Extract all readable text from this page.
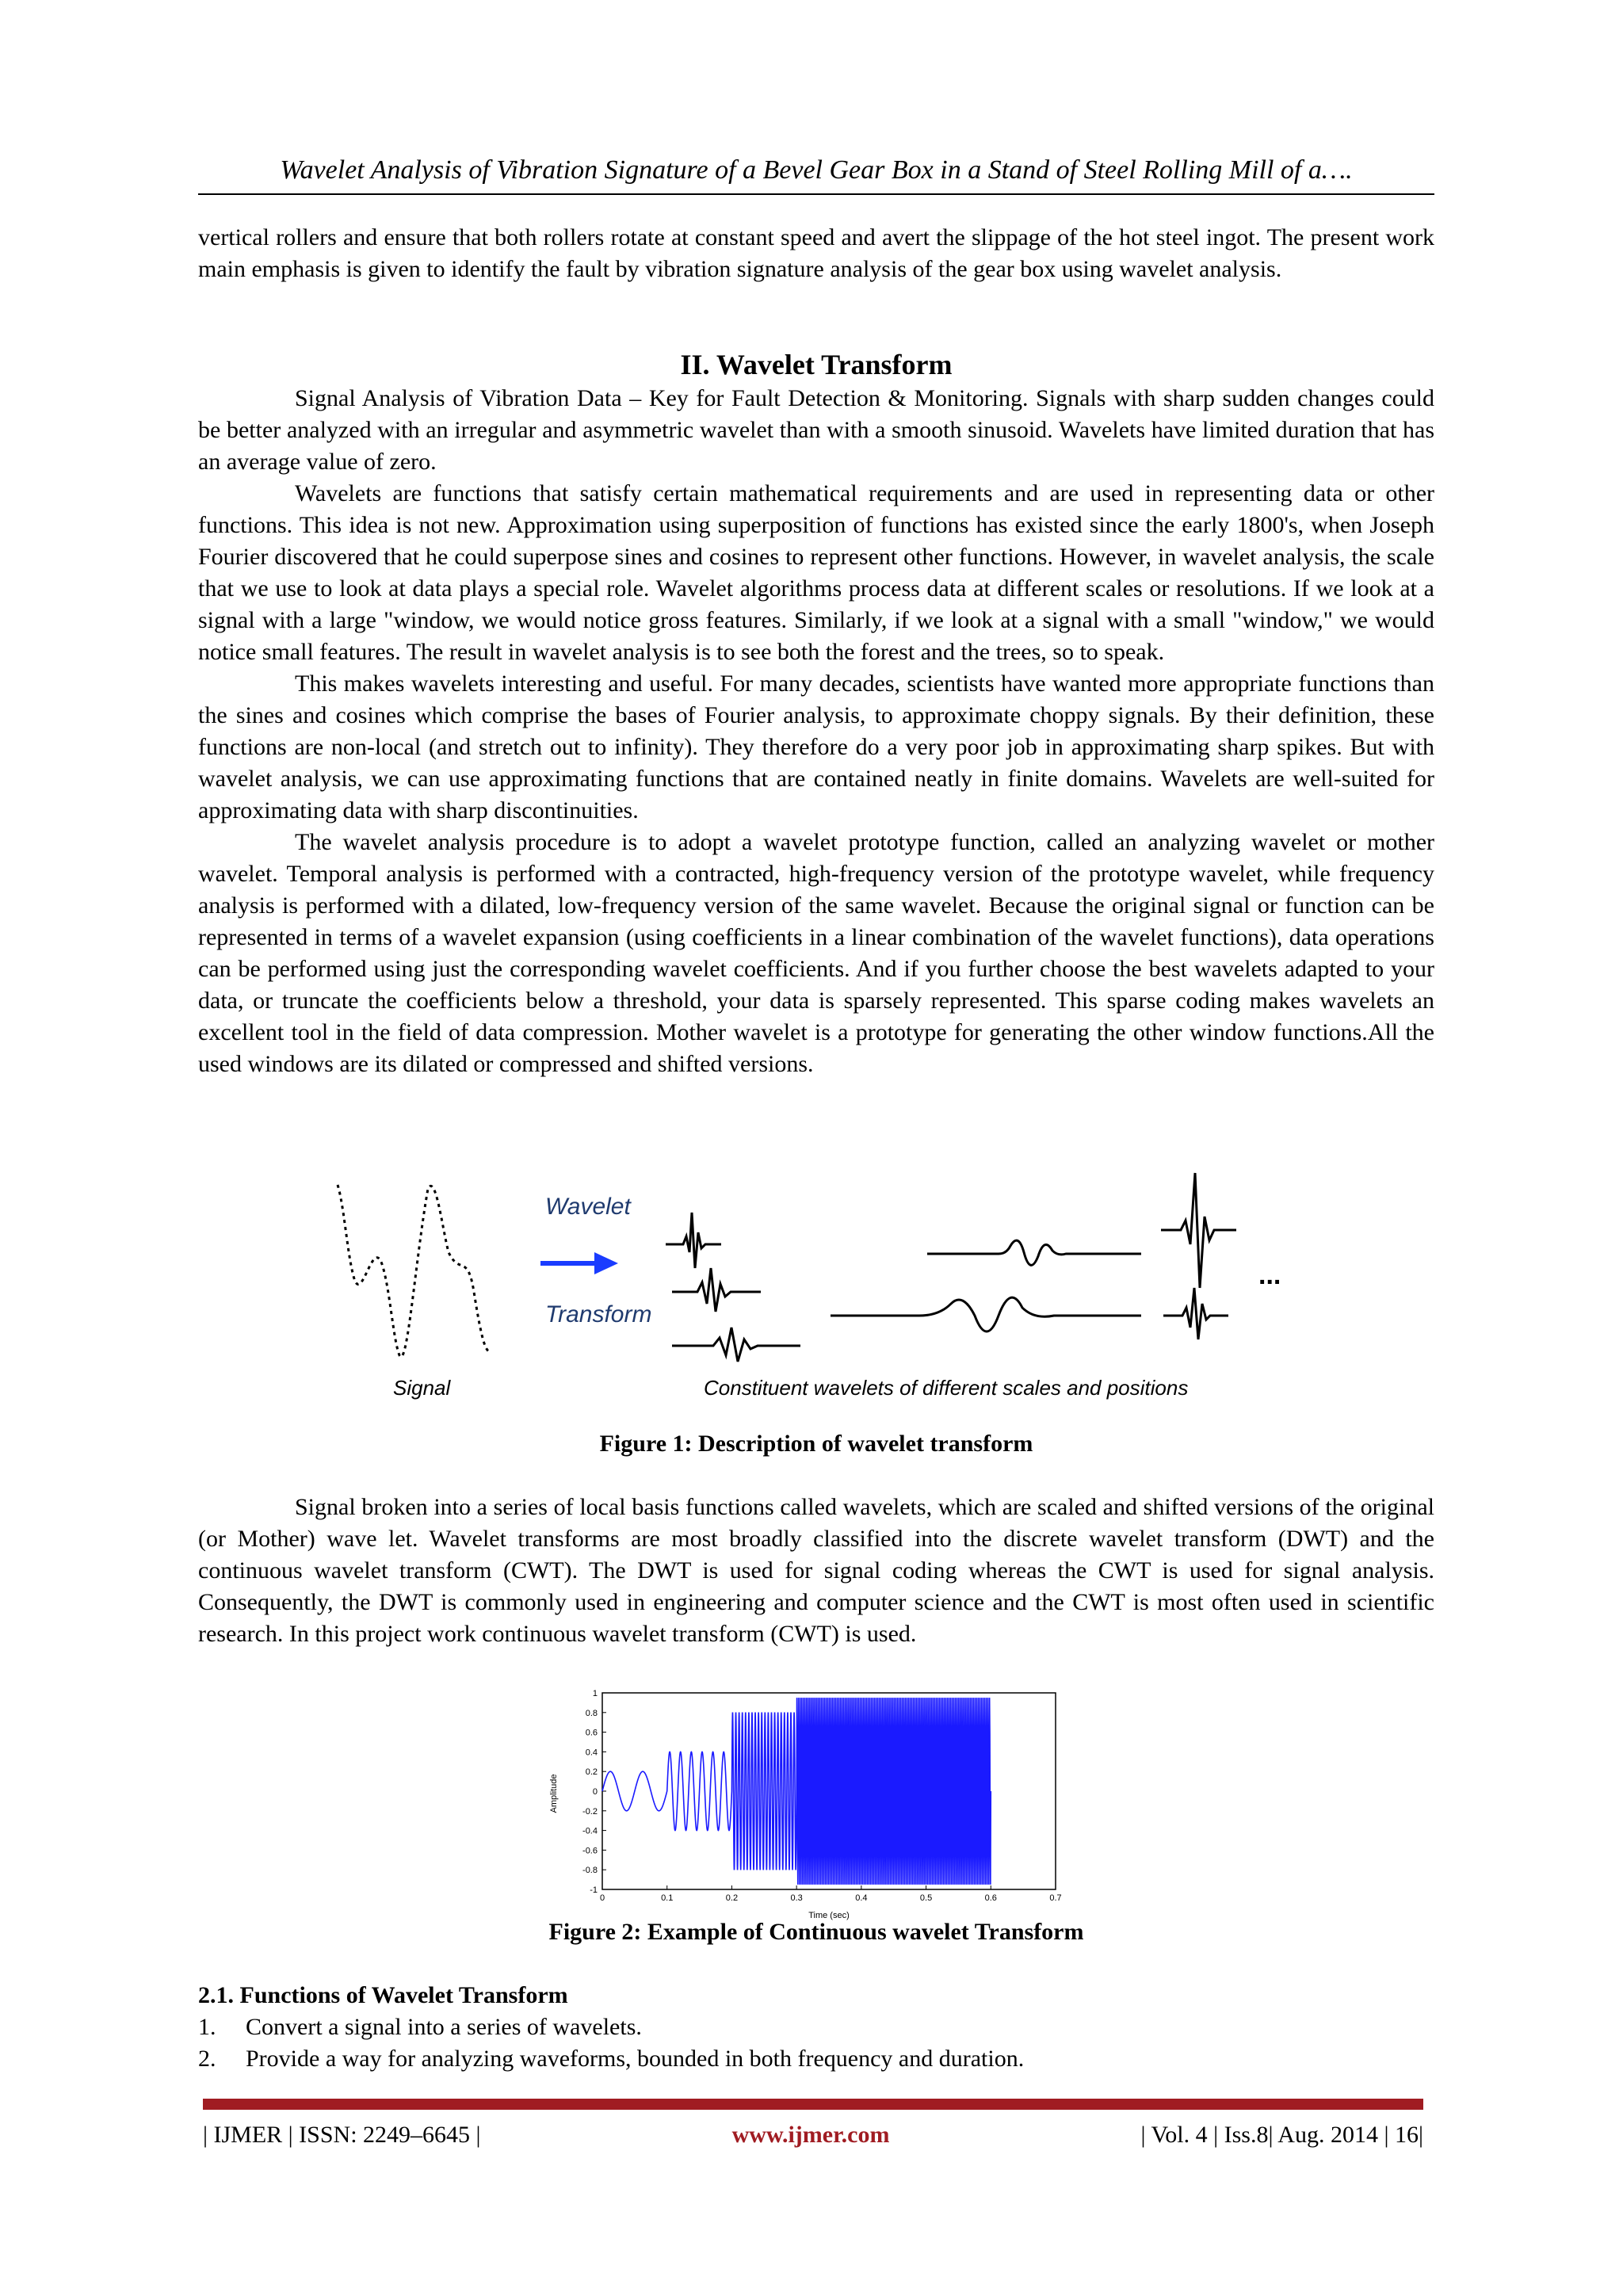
Wavelet Analysis of Vibration Signature of a Bevel Gear Box in a Stand of Steel Rolling Mill of a….

vertical rollers and ensure that both rollers rotate at constant speed and avert the slippage of the hot steel ingot. The present work main emphasis is given to identify the fault by vibration signature analysis of the gear box using wavelet analysis.

II. Wavelet Transform

Signal Analysis of Vibration Data – Key for Fault Detection & Monitoring. Signals with sharp sudden changes could be better analyzed with an irregular and asymmetric wavelet than with a smooth sinusoid. Wavelets have limited duration that has an average value of zero.

Wavelets are functions that satisfy certain mathematical requirements and are used in representing data or other functions. This idea is not new. Approximation using superposition of functions has existed since the early 1800's, when Joseph Fourier discovered that he could superpose sines and cosines to represent other functions. However, in wavelet analysis, the scale that we use to look at data plays a special role. Wavelet algorithms process data at different scales or resolutions. If we look at a signal with a large "window, we would notice gross features. Similarly, if we look at a signal with a small "window," we would notice small features. The result in wavelet analysis is to see both the forest and the trees, so to speak.

This makes wavelets interesting and useful. For many decades, scientists have wanted more appropriate functions than the sines and cosines which comprise the bases of Fourier analysis, to approximate choppy signals. By their definition, these functions are non-local (and stretch out to infinity). They therefore do a very poor job in approximating sharp spikes. But with wavelet analysis, we can use approximating functions that are contained neatly in finite domains. Wavelets are well-suited for approximating data with sharp discontinuities.

The wavelet analysis procedure is to adopt a wavelet prototype function, called an analyzing wavelet or mother wavelet. Temporal analysis is performed with a contracted, high-frequency version of the prototype wavelet, while frequency analysis is performed with a dilated, low-frequency version of the same wavelet. Because the original signal or function can be represented in terms of a wavelet expansion (using coefficients in a linear combination of the wavelet functions), data operations can be performed using just the corresponding wavelet coefficients. And if you further choose the best wavelets adapted to your data, or truncate the coefficients below a threshold, your data is sparsely represented. This sparse coding makes wavelets an excellent tool in the field of data compression. Mother wavelet is a prototype for generating the other window functions.All the used windows are its dilated or compressed and shifted versions.

Wavelet
Transform
...
Signal	Constituent wavelets of different scales and positions
Figure 1: Description of wavelet transform

Signal broken into a series of local basis functions called wavelets, which are scaled and shifted versions of the original (or Mother) wave let. Wavelet transforms are most broadly classified into the discrete wavelet transform (DWT) and the continuous wavelet transform (CWT). The DWT is used for signal coding whereas the CWT is used for signal analysis. Consequently, the DWT is commonly used in engineering and computer science and the CWT is most often used in scientific research. In this project work continuous wavelet transform (CWT) is used.

1
0.8
0.6
0.4
0.2
0
-0.2
-0.4
-0.6
-0.8
-1
0	0.1	0.2	0.3	0.4	0.5	0.6	0.7
Amplitude
Time (sec)
Figure 2: Example of Continuous wavelet Transform
2.1. Functions of Wavelet Transform
1.	Convert a signal into a series of wavelets.
2.	Provide a way for analyzing waveforms, bounded in both frequency and duration.
| IJMER | ISSN: 2249–6645 |	www.ijmer.com	| Vol. 4 | Iss.8| Aug. 2014 | 16|
